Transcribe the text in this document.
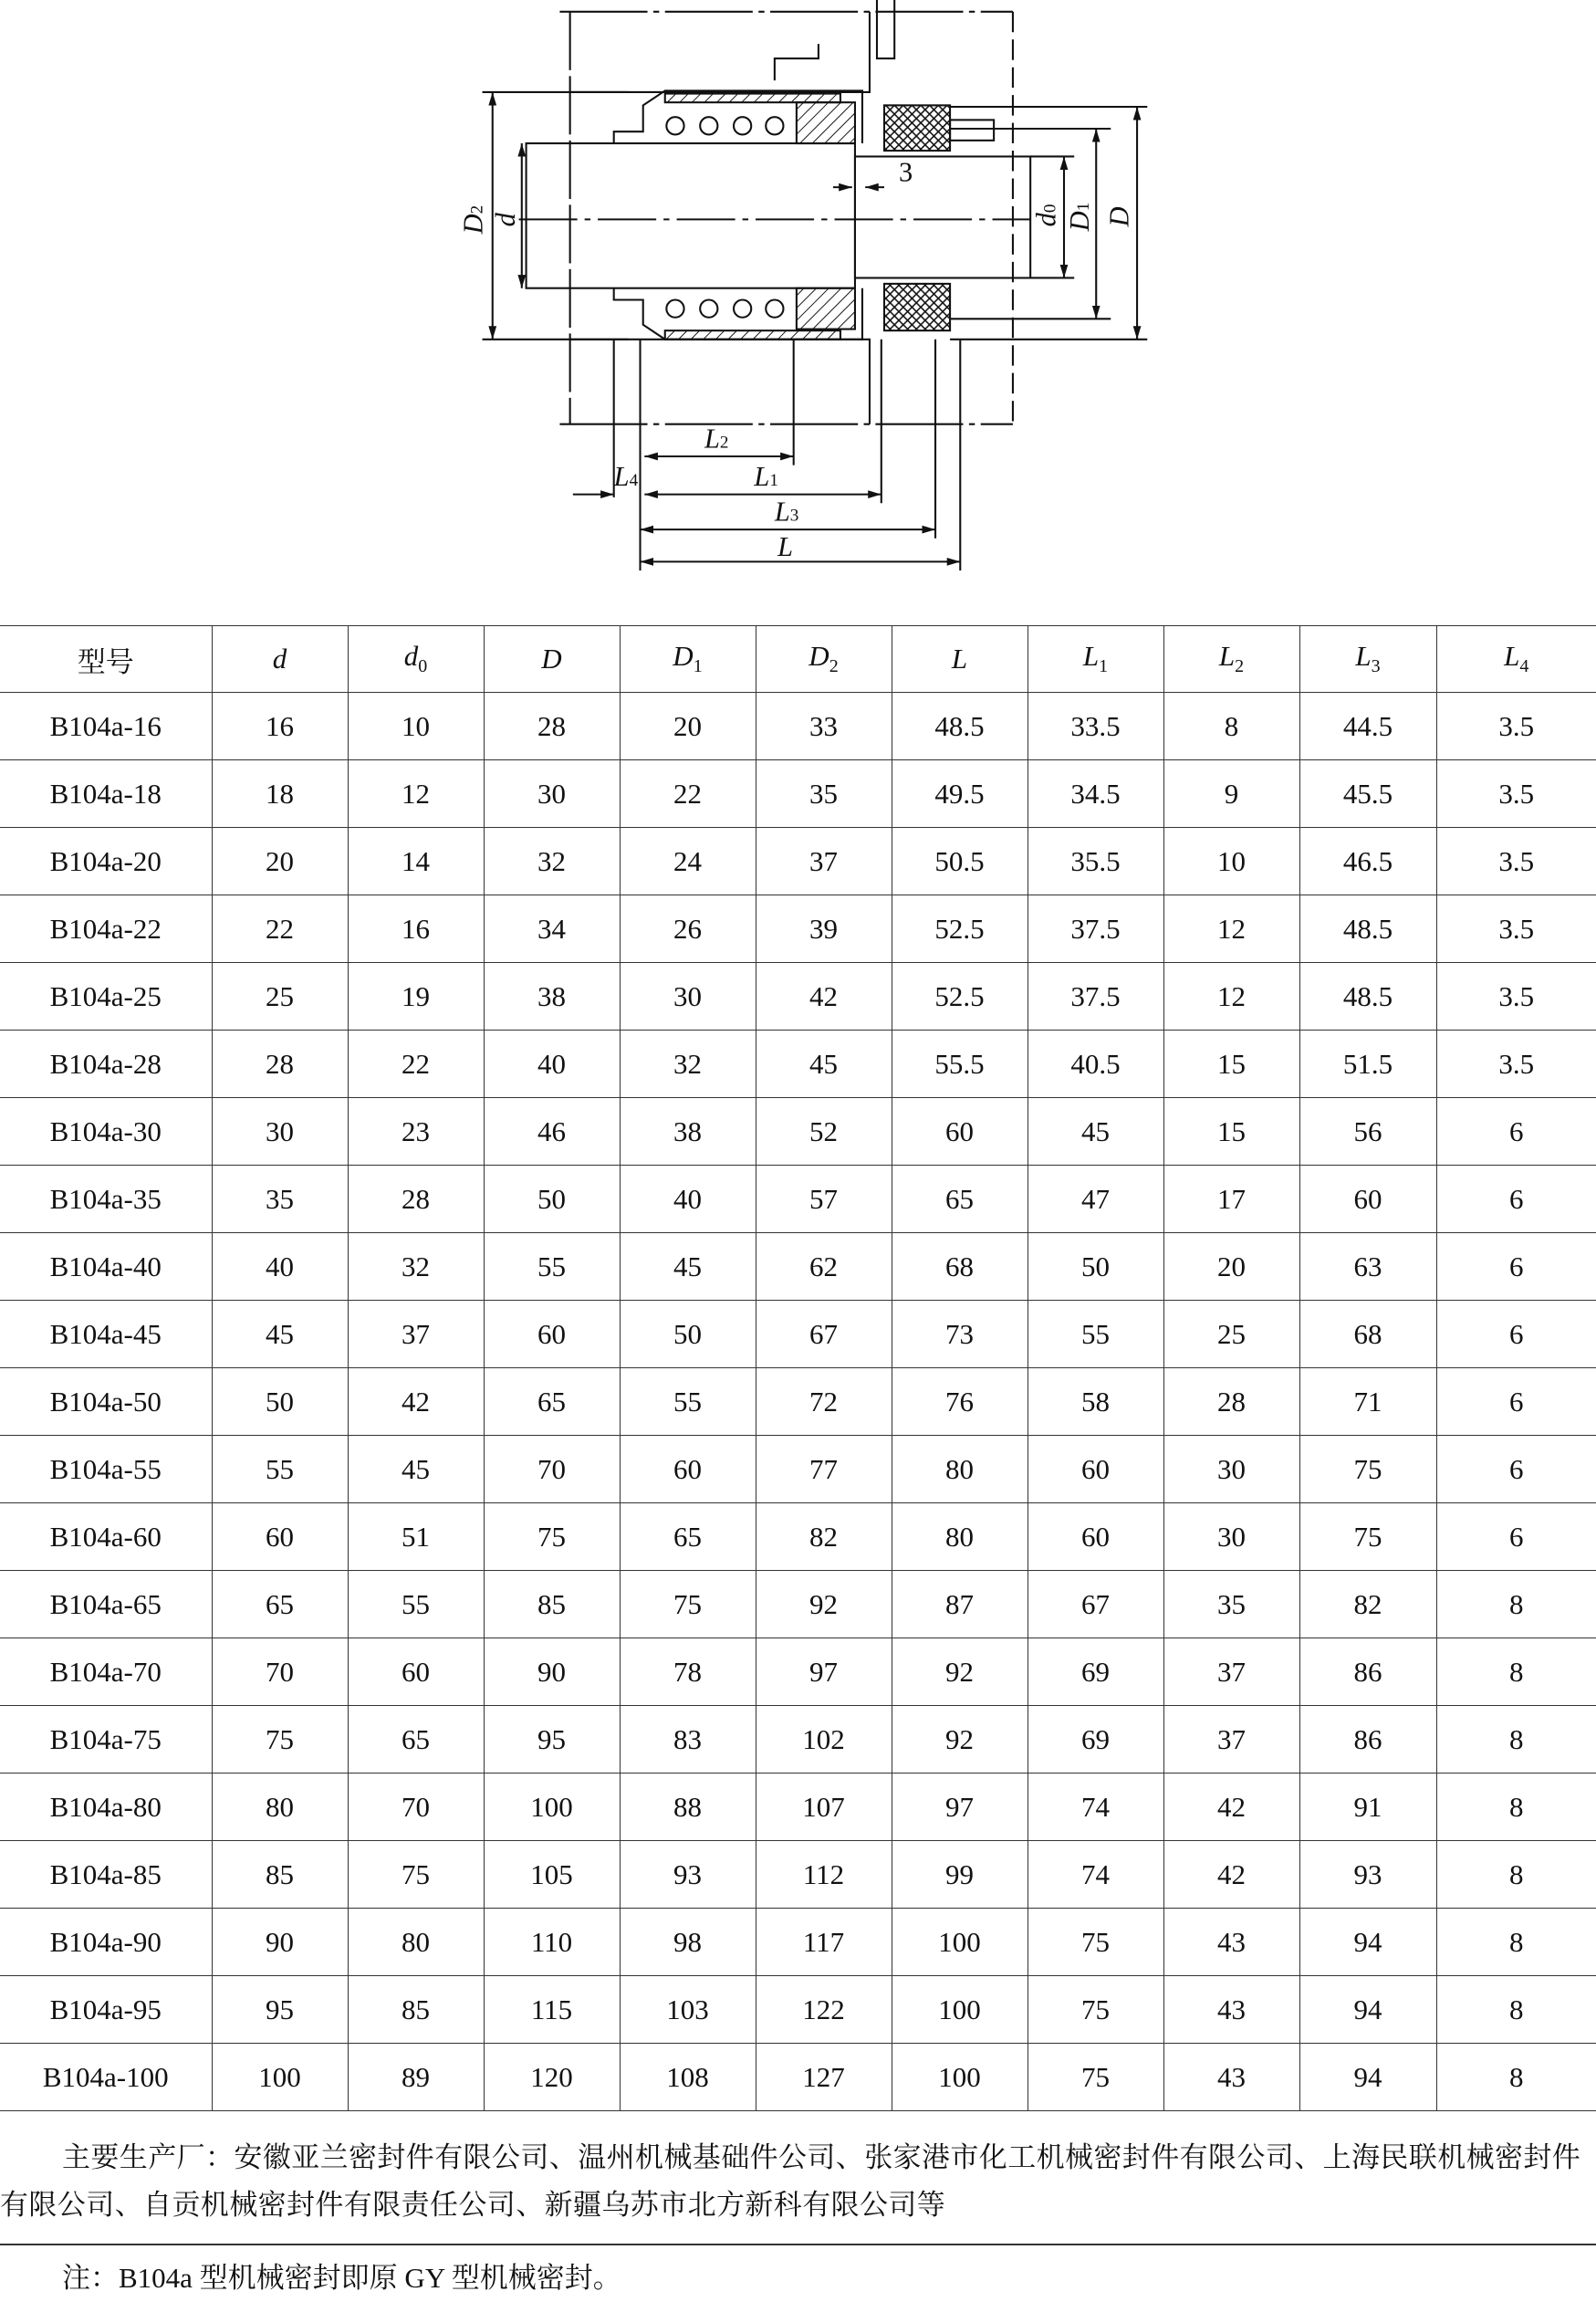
D2
d	d0
D1 D
3
L2
L1
L4
L3
L
型号	d	$d_0$	D	$D_1$	$D_2$	L	$L_1$	$L_2$	$L_3$	$L_4$
B104a-16	16	10	28	20	33	48.5	33.5	8	44.5	3.5
B104a-18	18	12	30	22	35	49.5	34.5	9	45.5	3.5
B104a-20	20	14	32	24	37	50.5	35.5	10	46.5	3.5
B104a-22	22	16	34	26	39	52.5	37.5	12	48.5	3.5
B104a-25	25	19	38	30	42	52.5	37.5	12	48.5	3.5
B104a-28	28	22	40	32	45	55.5	40.5	15	51.5	3.5
B104a-30	30	23	46	38	52	60	45	15	56	6
B104a-35	35	28	50	40	57	65	47	17	60	6
B104a-40	40	32	55	45	62	68	50	20	63	6
B104a-45	45	37	60	50	67	73	55	25	68	6
B104a-50	50	42	65	55	72	76	58	28	71	6
B104a-55	55	45	70	60	77	80	60	30	75	6
B104a-60	60	51	75	65	82	80	60	30	75	6
B104a-65	65	55	85	75	92	87	67	35	82	8
B104a-70	70	60	90	78	97	92	69	37	86	8
B104a-75	75	65	95	83	102	92	69	37	86	8
B104a-80	80	70	100	88	107	97	74	42	91	8
B104a-85	85	75	105	93	112	99	74	42	93	8
B104a-90	90	80	110	98	117	100	75	43	94	8
B104a-95	95	85	115	103	122	100	75	43	94	8
B104a-100	100	89	120	108	127	100	75	43	94	8
主要生产厂：安徽亚兰密封件有限公司、温州机械基础件公司、张家港市化工机械密封件有限公司、上海民联机械密封件有限公司、自贡机械密封件有限责任公司、新疆乌苏市北方新科有限公司等
注：B104a 型机械密封即原 GY 型机械密封。
